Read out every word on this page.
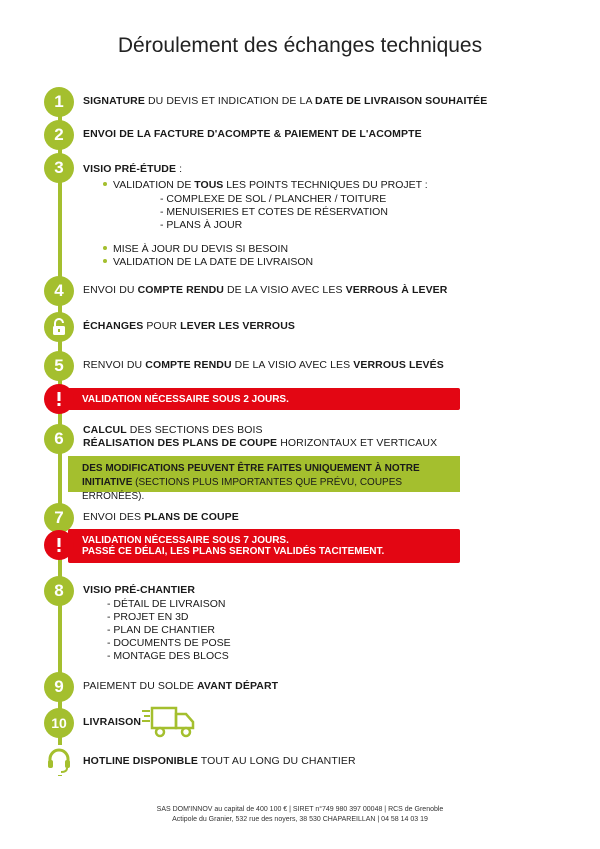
Déroulement des échanges techniques
1 SIGNATURE DU DEVIS ET INDICATION DE LA DATE DE LIVRAISON SOUHAITÉE
2 ENVOI DE LA FACTURE D'ACOMPTE & PAIEMENT DE L'ACOMPTE
3 VISIO PRÉ-ÉTUDE :
VALIDATION DE TOUS LES POINTS TECHNIQUES DU PROJET :
- COMPLEXE DE SOL / PLANCHER / TOITURE
- MENUISERIES ET COTES DE RÉSERVATION
- PLANS À JOUR
MISE À JOUR DU DEVIS SI BESOIN
VALIDATION DE LA DATE DE LIVRAISON
4 ENVOI DU COMPTE RENDU DE LA VISIO AVEC LES VERROUS À LEVER
ÉCHANGES POUR LEVER LES VERROUS
5 RENVOI DU COMPTE RENDU DE LA VISIO AVEC LES VERROUS LEVÉS
VALIDATION NÉCESSAIRE SOUS 2 JOURS.
6 CALCUL DES SECTIONS DES BOIS
RÉALISATION DES PLANS DE COUPE HORIZONTAUX ET VERTICAUX
DES MODIFICATIONS PEUVENT ÊTRE FAITES UNIQUEMENT À NOTRE
INITIATIVE (SECTIONS PLUS IMPORTANTES QUE PRÉVU, COUPES ERRONÉES).
7 ENVOI DES PLANS DE COUPE
VALIDATION NÉCESSAIRE SOUS 7 JOURS.
PASSÉ CE DÉLAI, LES PLANS SERONT VALIDÉS TACITEMENT.
8 VISIO PRÉ-CHANTIER
- DÉTAIL DE LIVRAISON
- PROJET EN 3D
- PLAN DE CHANTIER
- DOCUMENTS DE POSE
- MONTAGE DES BLOCS
9 PAIEMENT DU SOLDE AVANT DÉPART
10 LIVRAISON
HOTLINE DISPONIBLE TOUT AU LONG DU CHANTIER
SAS DOM'INNOV au capital de 400 100 € | SIRET n°749 980 397 00048 | RCS de Grenoble
Actipole du Granier, 532 rue des noyers, 38 530 CHAPAREILLAN | 04 58 14 03 19
